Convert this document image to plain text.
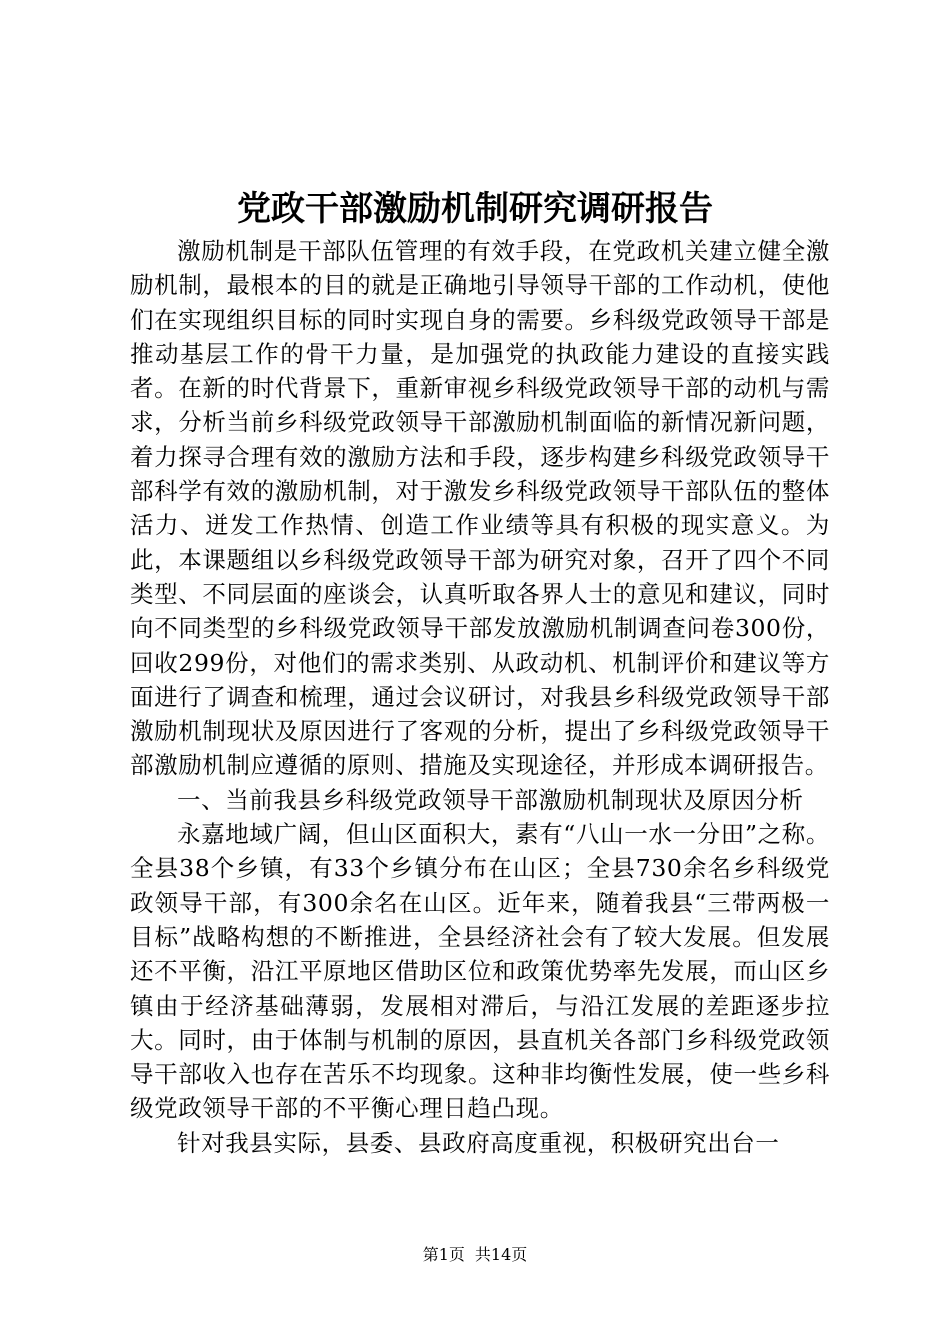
党政干部激励机制研究调研报告

激励机制是干部队伍管理的有效手段，在党政机关建立健全激励机制，最根本的目的就是正确地引导领导干部的工作动机，使他们在实现组织目标的同时实现自身的需要。乡科级党政领导干部是推动基层工作的骨干力量，是加强党的执政能力建设的直接实践者。在新的时代背景下，重新审视乡科级党政领导干部的动机与需求，分析当前乡科级党政领导干部激励机制面临的新情况新问题，着力探寻合理有效的激励方法和手段，逐步构建乡科级党政领导干部科学有效的激励机制，对于激发乡科级党政领导干部队伍的整体活力、迸发工作热情、创造工作业绩等具有积极的现实意义。为此，本课题组以乡科级党政领导干部为研究对象，召开了四个不同类型、不同层面的座谈会，认真听取各界人士的意见和建议，同时向不同类型的乡科级党政领导干部发放激励机制调查问卷300份，回收299份，对他们的需求类别、从政动机、机制评价和建议等方面进行了调查和梳理，通过会议研讨，对我县乡科级党政领导干部激励机制现状及原因进行了客观的分析，提出了乡科级党政领导干部激励机制应遵循的原则、措施及实现途径，并形成本调研报告。

一、当前我县乡科级党政领导干部激励机制现状及原因分析

永嘉地域广阔，但山区面积大，素有“八山一水一分田”之称。全县38个乡镇，有33个乡镇分布在山区；全县730余名乡科级党政领导干部，有300余名在山区。近年来，随着我县“三带两极一目标”战略构想的不断推进，全县经济社会有了较大发展。但发展还不平衡，沿江平原地区借助区位和政策优势率先发展，而山区乡镇由于经济基础薄弱，发展相对滞后，与沿江发展的差距逐步拉大。同时，由于体制与机制的原因，县直机关各部门乡科级党政领导干部收入也存在苦乐不均现象。这种非均衡性发展，使一些乡科级党政领导干部的不平衡心理日趋凸现。

针对我县实际，县委、县政府高度重视，积极研究出台一

第1页 共14页
